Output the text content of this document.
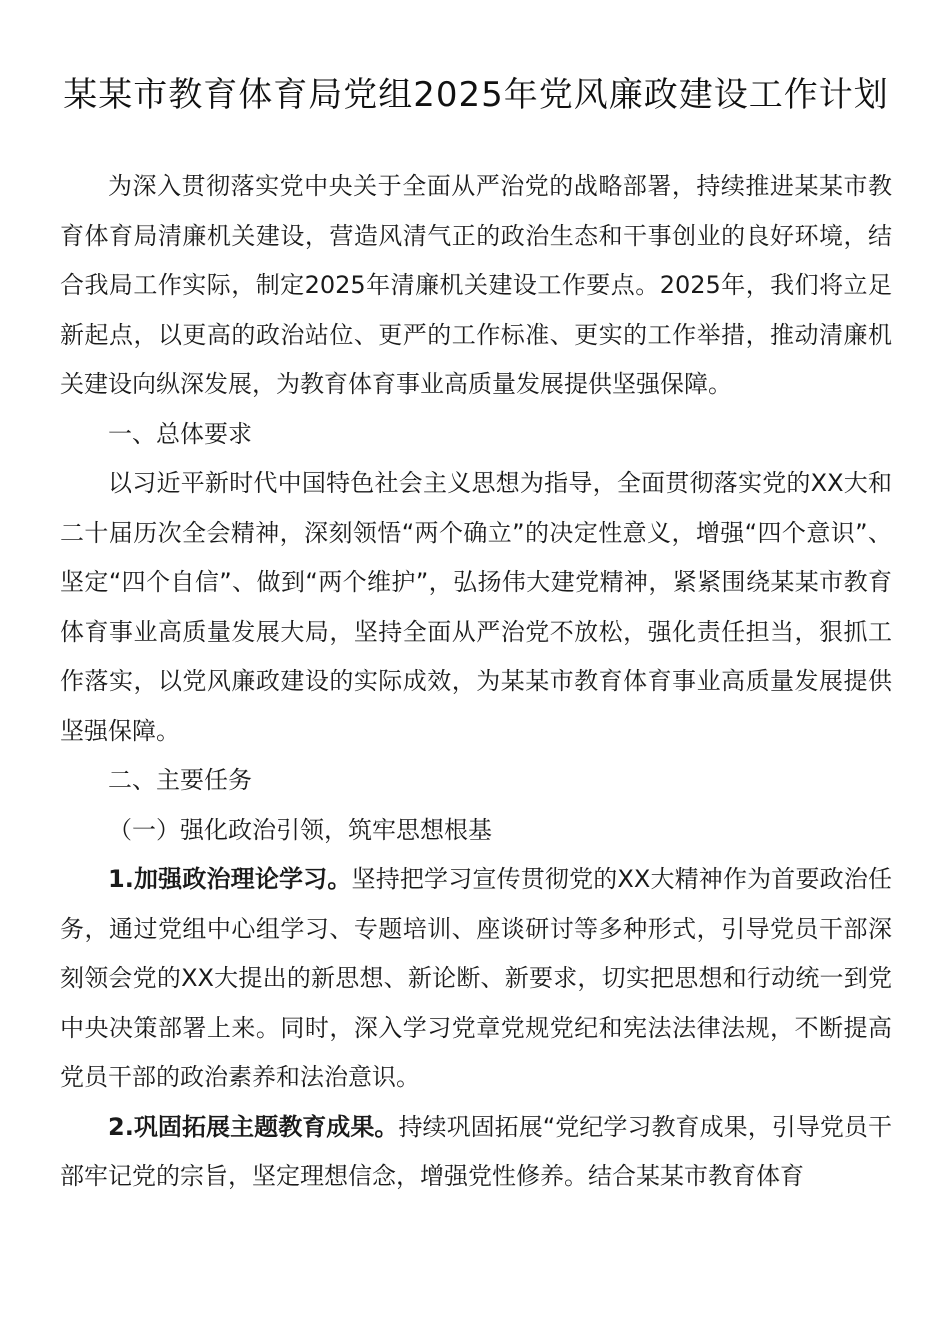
某某市教育体育局党组2025年党风廉政建设工作计划

为深入贯彻落实党中央关于全面从严治党的战略部署，持续推进某某市教育体育局清廉机关建设，营造风清气正的政治生态和干事创业的良好环境，结合我局工作实际，制定2025年清廉机关建设工作要点。2025年，我们将立足新起点，以更高的政治站位、更严的工作标准、更实的工作举措，推动清廉机关建设向纵深发展，为教育体育事业高质量发展提供坚强保障。

一、总体要求

以习近平新时代中国特色社会主义思想为指导，全面贯彻落实党的XX大和二十届历次全会精神，深刻领悟“两个确立”的决定性意义，增强“四个意识”、坚定“四个自信”、做到“两个维护”，弘扬伟大建党精神，紧紧围绕某某市教育体育事业高质量发展大局，坚持全面从严治党不放松，强化责任担当，狠抓工作落实，以党风廉政建设的实际成效，为某某市教育体育事业高质量发展提供坚强保障。

二、主要任务

（一）强化政治引领，筑牢思想根基

1.加强政治理论学习。坚持把学习宣传贯彻党的XX大精神作为首要政治任务，通过党组中心组学习、专题培训、座谈研讨等多种形式，引导党员干部深刻领会党的XX大提出的新思想、新论断、新要求，切实把思想和行动统一到党中央决策部署上来。同时，深入学习党章党规党纪和宪法法律法规，不断提高党员干部的政治素养和法治意识。

2.巩固拓展主题教育成果。持续巩固拓展“党纪学习教育成果，引导党员干部牢记党的宗旨，坚定理想信念，增强党性修养。结合某某市教育体育
